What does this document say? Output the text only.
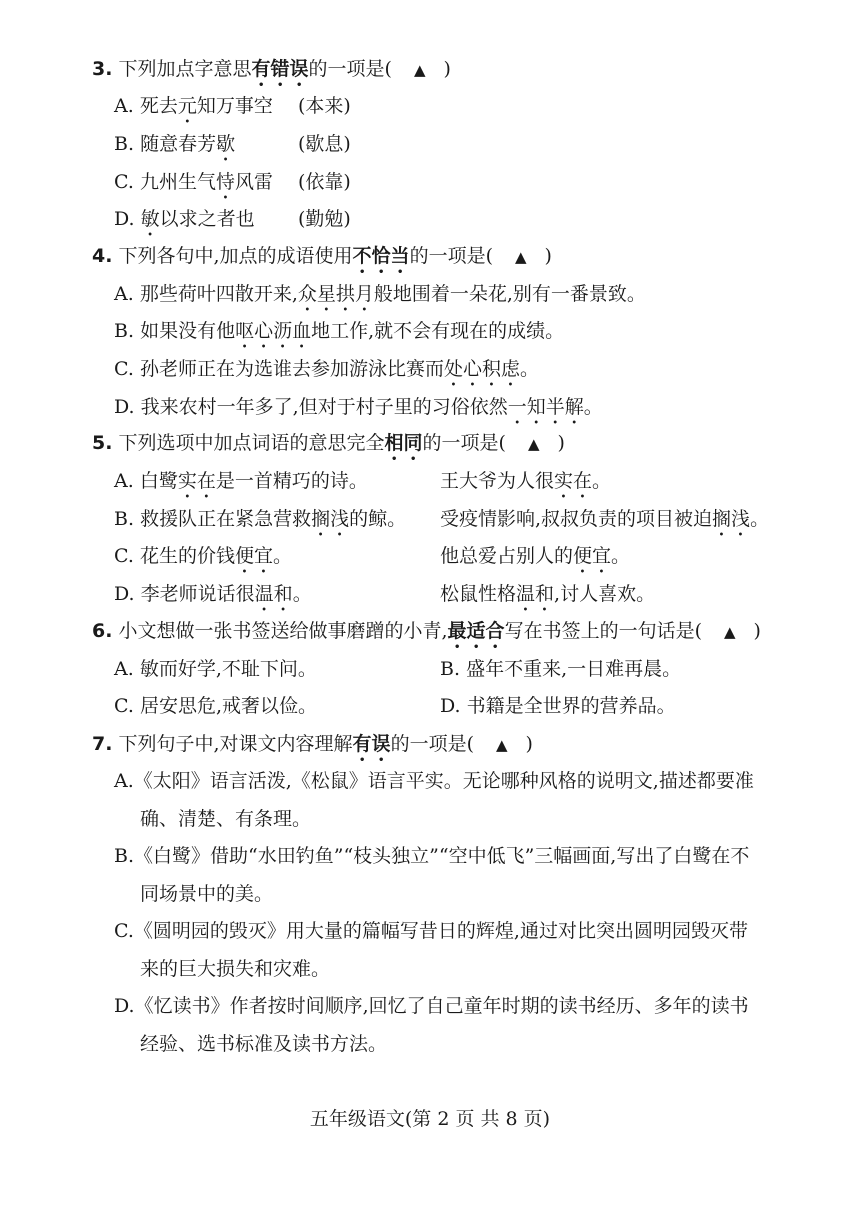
3. 下列加点字意思有错误的一项是( ▲ )
A. 死去元知万事空 (本来)
B. 随意春芳歇	(歇息)
C. 九州生气恃风雷 (依靠)
D. 敏以求之者也 (勤勉)
4. 下列各句中,加点的成语使用不恰当的一项是( ▲ )
A. 那些荷叶四散开来,众星拱月般地围着一朵花,别有一番景致。
B. 如果没有他呕心沥血地工作,就不会有现在的成绩。
C. 孙老师正在为选谁去参加游泳比赛而处心积虑。
D. 我来农村一年多了,但对于村子里的习俗依然一知半解。
5. 下列选项中加点词语的意思完全相同的一项是( ▲ )
A. 白鹭实在是一首精巧的诗。	王大爷为人很实在。
B. 救援队正在紧急营救搁浅的鲸。 受疫情影响,叔叔负责的项目被迫搁浅。
C. 花生的价钱便宜。	他总爱占别人的便宜。
D. 李老师说话很温和。	松鼠性格温和,讨人喜欢。
6. 小文想做一张书签送给做事磨蹭的小青,最适合写在书签上的一句话是( ▲ )
A. 敏而好学,不耻下问。	B. 盛年不重来,一日难再晨。
C. 居安思危,戒奢以俭。	D. 书籍是全世界的营养品。
7. 下列句子中,对课文内容理解有误的一项是( ▲ )
A.《太阳》语言活泼,《松鼠》语言平实。无论哪种风格的说明文,描述都要准
确、清楚、有条理。
B.《白鹭》借助“水田钓鱼”“枝头独立”“空中低飞”三幅画面,写出了白鹭在不
同场景中的美。
C.《圆明园的毁灭》用大量的篇幅写昔日的辉煌,通过对比突出圆明园毁灭带
来的巨大损失和灾难。
D.《忆读书》作者按时间顺序,回忆了自己童年时期的读书经历、多年的读书
经验、选书标准及读书方法。
五年级语文(第 2 页 共 8 页)
